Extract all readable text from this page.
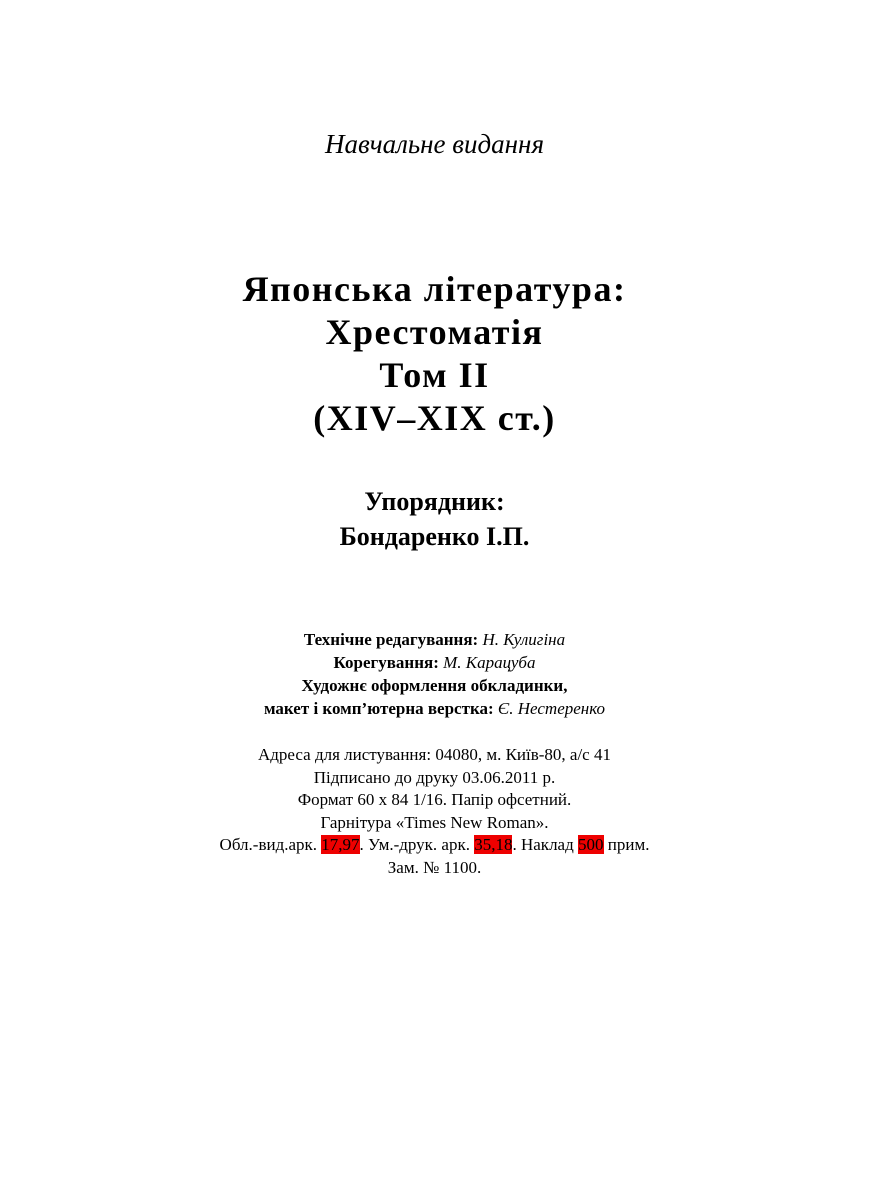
Навчальне видання
Японська література:
Хрестоматія
Том II
(XIV–XIX ст.)
Упорядник:
Бондаренко І.П.
Технічне редагування: Н. Кулигіна
Корегування: М. Карацуба
Художнє оформлення обкладинки,
макет і комп’ютерна верстка: Є. Нестеренко
Адреса для листування: 04080, м. Київ-80, а/с 41
Підписано до друку 03.06.2011 р.
Формат 60 х 84 1/16. Папір офсетний.
Гарнітура «Times New Roman».
Обл.-вид.арк. 17,97. Ум.-друк. арк. 35,18. Наклад 500 прим.
Зам. № 1100.
